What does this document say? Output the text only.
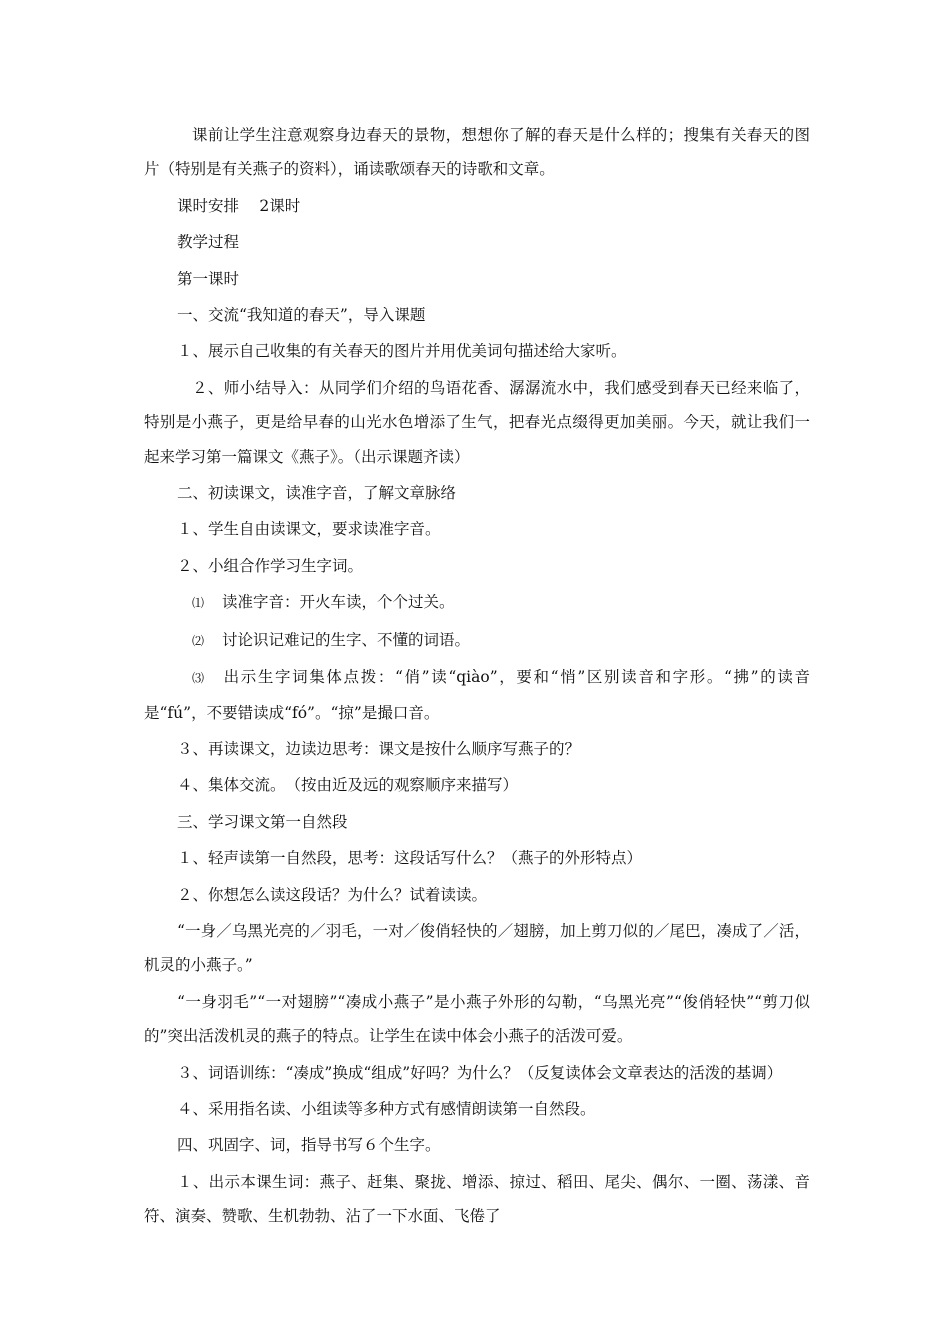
课前让学生注意观察身边春天的景物，想想你了解的春天是什么样的；搜集有关春天的图片（特别是有关燕子的资料），诵读歌颂春天的诗歌和文章。

课时安排　 2课时

教学过程

第一课时

一、交流“我知道的春天”，导入课题

１、展示自己收集的有关春天的图片并用优美词句描述给大家听。

２、师小结导入：从同学们介绍的鸟语花香、潺潺流水中，我们感受到春天已经来临了，特别是小燕子，更是给早春的山光水色增添了生气，把春光点缀得更加美丽。今天，就让我们一起来学习第一篇课文《燕子》。（出示课题齐读）

二、初读课文，读准字音，了解文章脉络

１、学生自由读课文，要求读准字音。

２、小组合作学习生字词。

⑴ 读准字音：开火车读，个个过关。

⑵ 讨论识记难记的生字、不懂的词语。

⑶ 出示生字词集体点拨：“俏”读“qiào”，要和“悄”区别读音和字形。“拂”的读音是“fú”，不要错读成“fó”。“掠”是撮口音。

３、再读课文，边读边思考：课文是按什么顺序写燕子的？

４、集体交流。　（按由近及远的观察顺序来描写）

三、学习课文第一自然段

１、轻声读第一自然段，思考：这段话写什么？（燕子的外形特点）

２、你想怎么读这段话？为什么？试着读读。

“一身／乌黑光亮的／羽毛，一对／俊俏轻快的／翅膀，加上剪刀似的／尾巴，凑成了／活，机灵的小燕子。”

“一身羽毛”“一对翅膀”“凑成小燕子”是小燕子外形的勾勒，“乌黑光亮”“俊俏轻快”“剪刀似的”突出活泼机灵的燕子的特点。让学生在读中体会小燕子的活泼可爱。

３、词语训练：“凑成”换成“组成”好吗？为什么？（反复读体会文章表达的活泼的基调）

４、采用指名读、小组读等多种方式有感情朗读第一自然段。

四、巩固字、词，指导书写６个生字。

１、出示本课生词：燕子、赶集、聚拢、增添、掠过、稻田、尾尖、偶尔、一圈、荡漾、音符、演奏、赞歌、生机勃勃、沾了一下水面、飞倦了
